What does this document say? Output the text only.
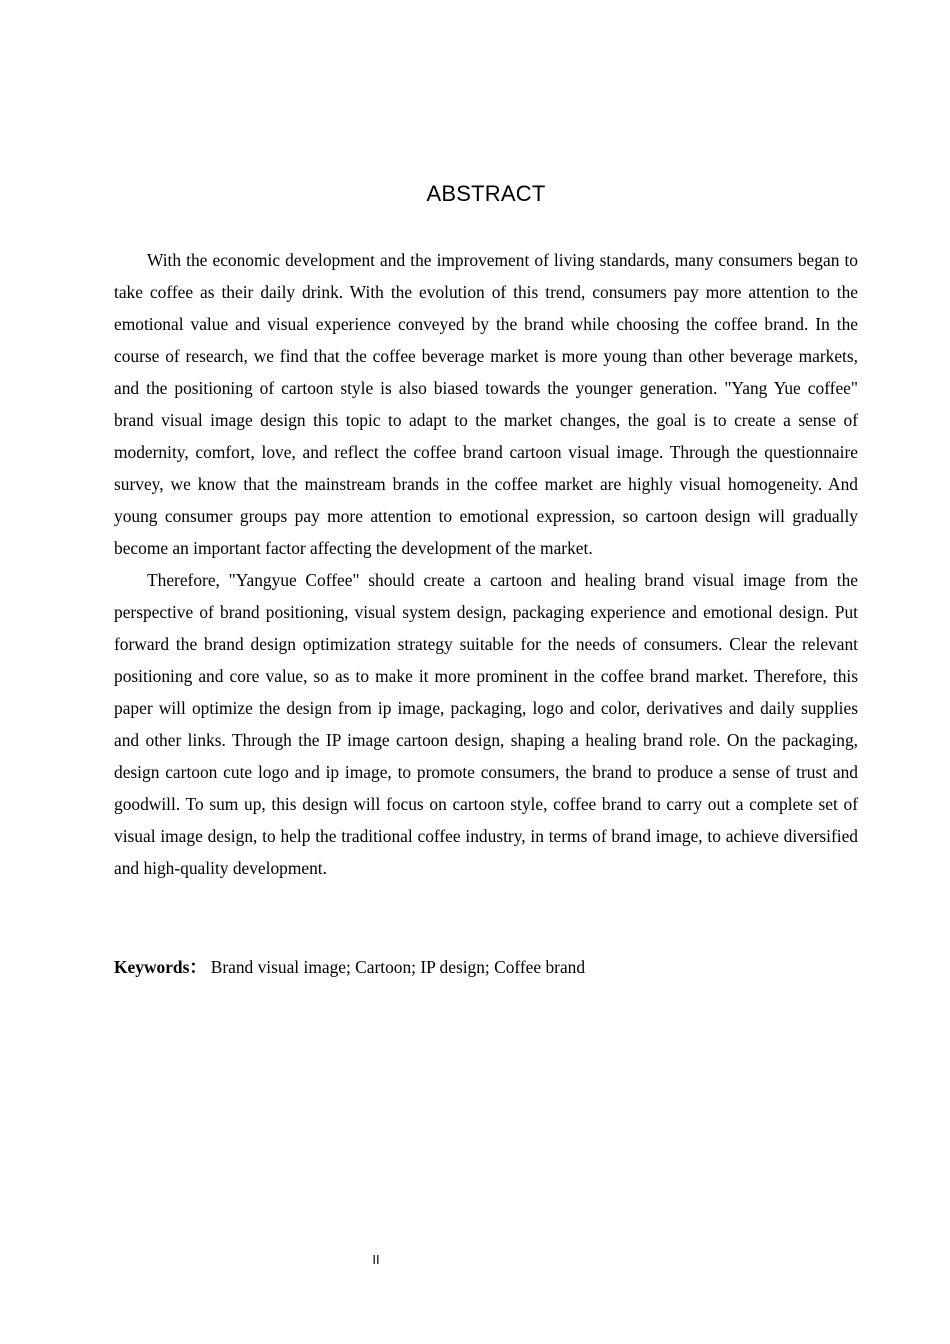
ABSTRACT

With the economic development and the improvement of living standards, many consumers began to take coffee as their daily drink. With the evolution of this trend, consumers pay more attention to the emotional value and visual experience conveyed by the brand while choosing the coffee brand. In the course of research, we find that the coffee beverage market is more young than other beverage markets, and the positioning of cartoon style is also biased towards the younger generation. "Yang Yue coffee" brand visual image design this topic to adapt to the market changes, the goal is to create a sense of modernity, comfort, love, and reflect the coffee brand cartoon visual image. Through the questionnaire survey, we know that the mainstream brands in the coffee market are highly visual homogeneity. And young consumer groups pay more attention to emotional expression, so cartoon design will gradually become an important factor affecting the development of the market.

Therefore, "Yangyue Coffee" should create a cartoon and healing brand visual image from the perspective of brand positioning, visual system design, packaging experience and emotional design. Put forward the brand design optimization strategy suitable for the needs of consumers. Clear the relevant positioning and core value, so as to make it more prominent in the coffee brand market. Therefore, this paper will optimize the design from ip image, packaging, logo and color, derivatives and daily supplies and other links. Through the IP image cartoon design, shaping a healing brand role. On the packaging, design cartoon cute logo and ip image, to promote consumers, the brand to produce a sense of trust and goodwill. To sum up, this design will focus on cartoon style, coffee brand to carry out a complete set of visual image design, to help the traditional coffee industry, in terms of brand image, to achieve diversified and high-quality development.

Keywords： Brand visual image; Cartoon; IP design; Coffee brand
II
